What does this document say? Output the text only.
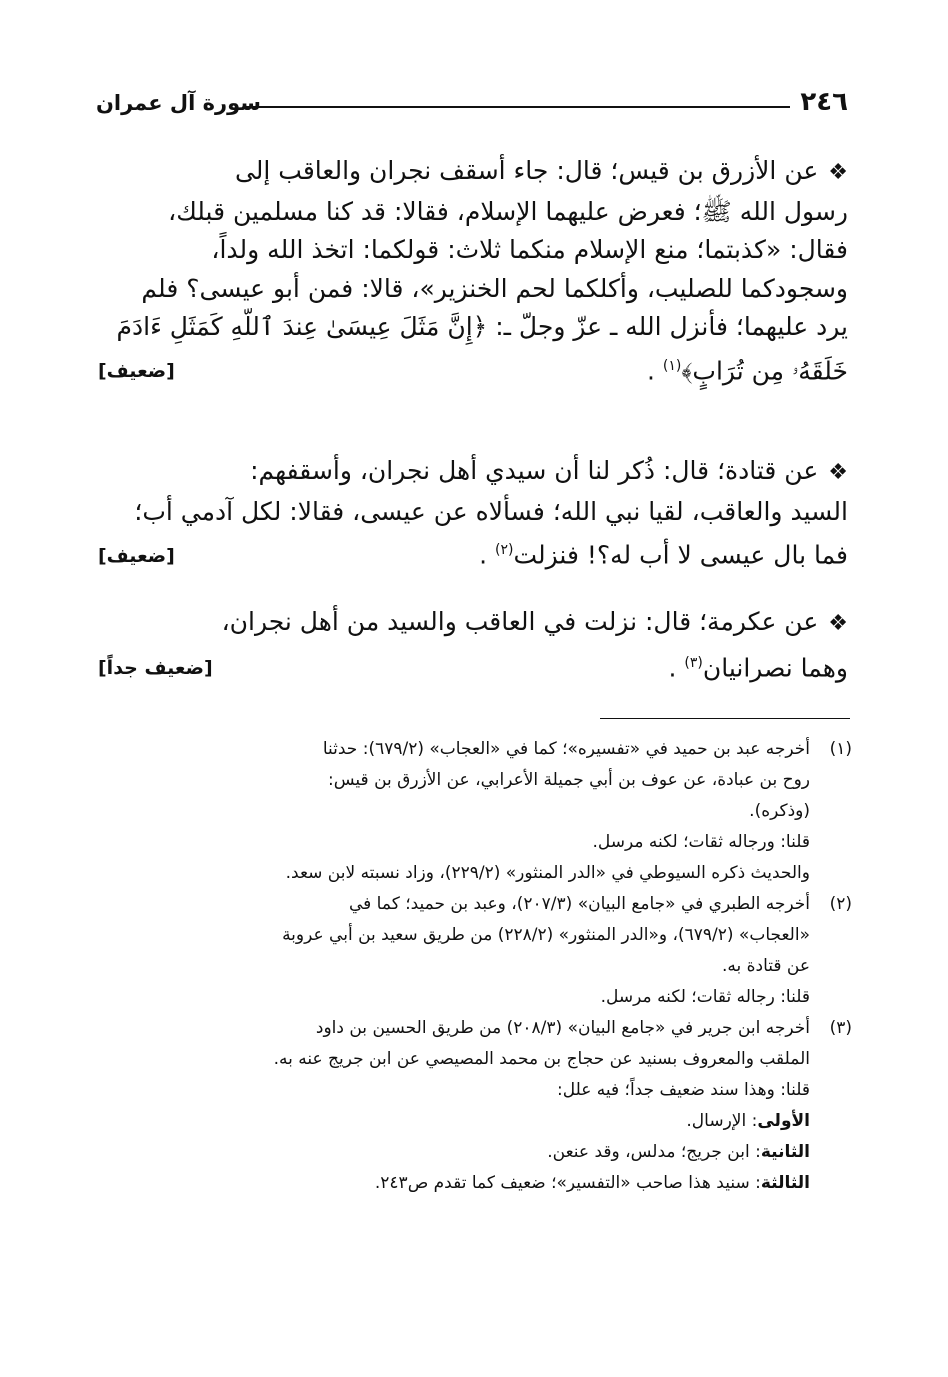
٢٤٦
سورة آل عمران
❖عن الأزرق بن قيس؛ قال: جاء أسقف نجران والعاقب إلى
رسول الله ﷺ؛ فعرض عليهما الإسلام، فقالا: قد كنا مسلمين قبلك،
فقال: «كذبتما؛ منع الإسلام منكما ثلاث: قولكما: اتخذ الله ولداً،
وسجودكما للصليب، وأكلكما لحم الخنزير»، قالا: فمن أبو عيسى؟ فلم
يرد عليهما؛ فأنزل الله ـ عزّ وجلّ ـ: ﴿إِنَّ مَثَلَ عِيسَىٰ عِندَ ٱللَّهِ كَمَثَلِ ءَادَمَ
خَلَقَهُۥ مِن تُرَابٍ﴾$^{(١)}$ .
[ضعيف]
❖عن قتادة؛ قال: ذُكر لنا أن سيدي أهل نجران، وأسقفهم:
السيد والعاقب، لقيا نبي الله؛ فسألاه عن عيسى، فقالا: لكل آدمي أب؛
فما بال عيسى لا أب له؟! فنزلت$^{(٢)}$ .
[ضعيف]
❖عن عكرمة؛ قال: نزلت في العاقب والسيد من أهل نجران،
وهما نصرانيان$^{(٣)}$ .
[ضعيف جداً]
(١)
أخرجه عبد بن حميد في «تفسيره»؛ كما في «العجاب» (٦٧٩/٢): حدثنا
روح بن عبادة، عن عوف بن أبي جميلة الأعرابي، عن الأزرق بن قيس:
(وذكره).
قلنا: ورجاله ثقات؛ لكنه مرسل.
والحديث ذكره السيوطي في «الدر المنثور» (٢٢٩/٢)، وزاد نسبته لابن سعد.
(٢)
أخرجه الطبري في «جامع البيان» (٢٠٧/٣)، وعبد بن حميد؛ كما في
«العجاب» (٦٧٩/٢)، و«الدر المنثور» (٢٢٨/٢) من طريق سعيد بن أبي عروبة
عن قتادة به.
قلنا: رجاله ثقات؛ لكنه مرسل.
(٣)
أخرجه ابن جرير في «جامع البيان» (٢٠٨/٣) من طريق الحسين بن داود
الملقب والمعروف بسنيد عن حجاج بن محمد المصيصي عن ابن جريج عنه به.
قلنا: وهذا سند ضعيف جداً؛ فيه علل:
الأولى: الإرسال.
الثانية: ابن جريج؛ مدلس، وقد عنعن.
الثالثة: سنيد هذا صاحب «التفسير»؛ ضعيف كما تقدم ص٢٤٣.
